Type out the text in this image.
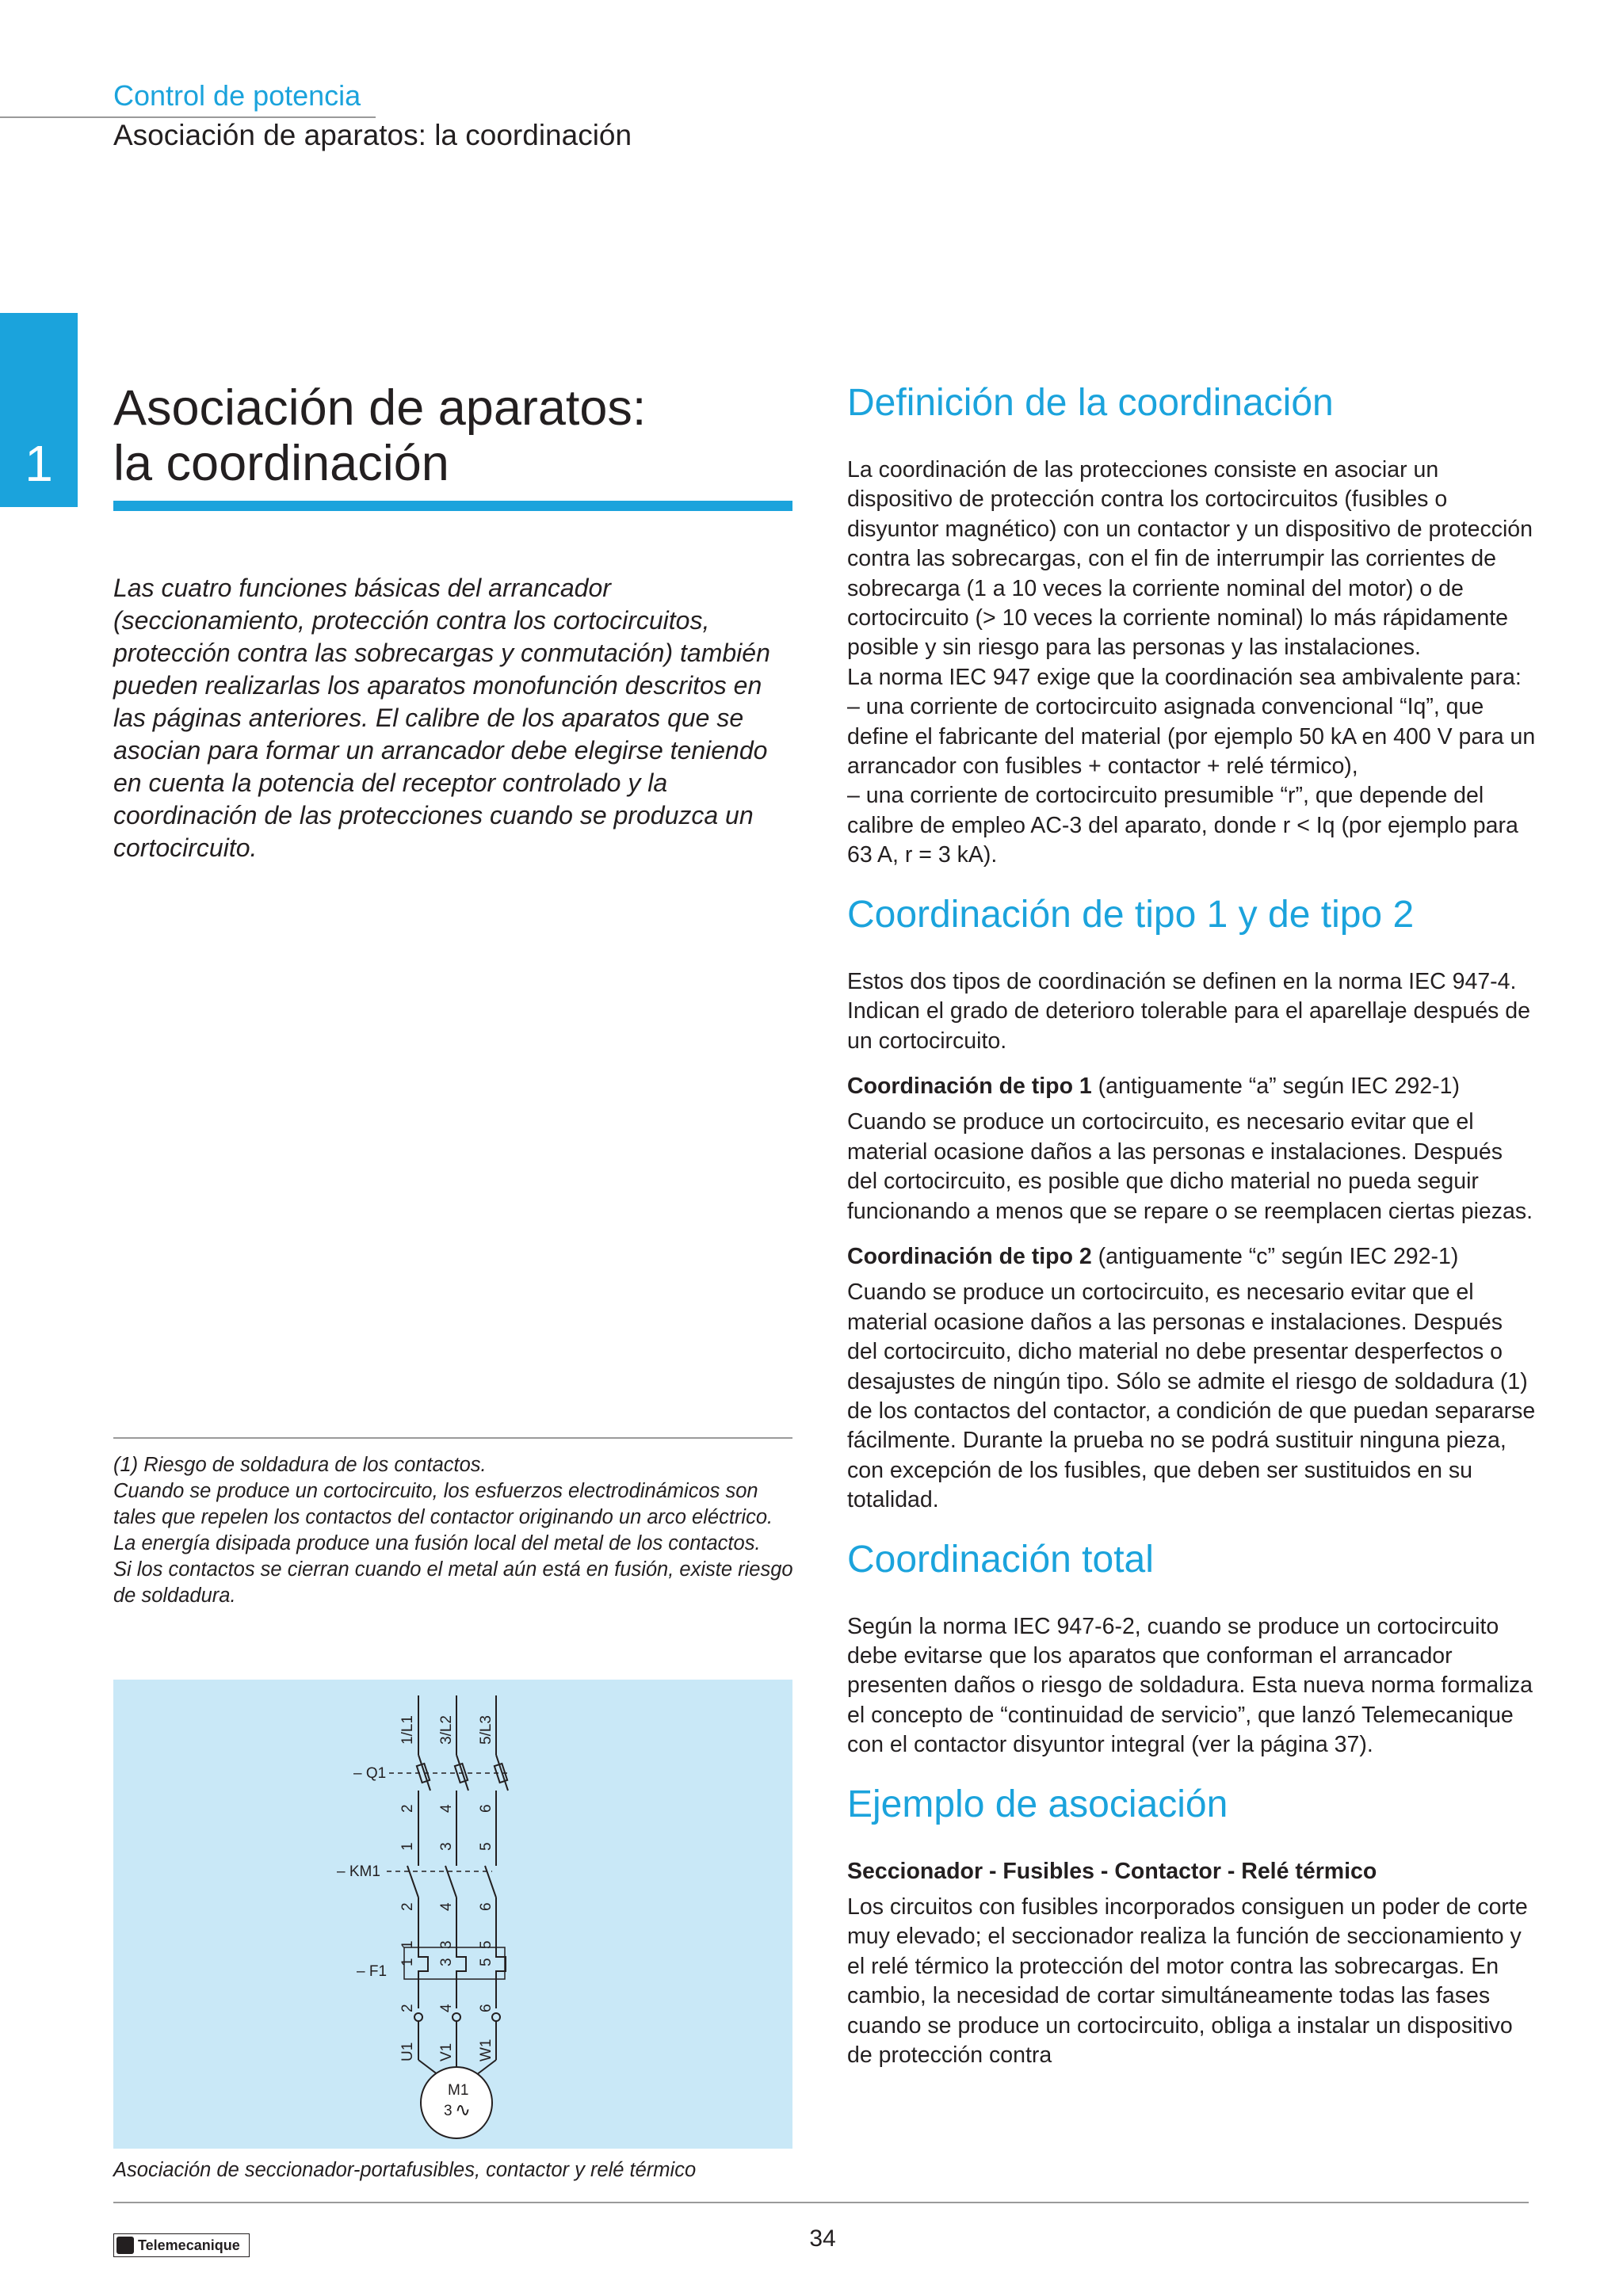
Control de potencia
Asociación de aparatos: la coordinación
1
Asociación de aparatos:
la coordinación
Las cuatro funciones básicas del arrancador (seccionamiento, protección contra los cortocircuitos, protección contra las sobrecargas y conmutación) también pueden realizarlas los aparatos monofunción descritos en las páginas anteriores. El calibre de los aparatos que se asocian para formar un arrancador debe elegirse teniendo en cuenta la potencia del receptor controlado y la coordinación de las protecciones cuando se produzca un cortocircuito.

(1) Riesgo de soldadura de los contactos.

Cuando se produce un cortocircuito, los esfuerzos electrodinámicos son tales que repelen los contactos del contactor originando un arco eléctrico. La energía disipada produce una fusión local del metal de los contactos.

Si los contactos se cierran cuando el metal aún está en fusión, existe riesgo de soldadura.

1/L1 3/L2 5/L3
– Q1
2 4 6
1 3 5
– KM1
2 4 6
1 3 5
– F1
2 4 6
1 3 5
U1 V1 W1
M1
3 ∿
Asociación de seccionador-portafusibles, contactor y relé térmico
Definición de la coordinación

La coordinación de las protecciones consiste en asociar un dispositivo de protección contra los cortocircuitos (fusibles o disyuntor magnético) con un contactor y un dispositivo de protección contra las sobrecargas, con el fin de interrumpir las corrientes de sobrecarga (1 a 10 veces la corriente nominal del motor) o de cortocircuito (> 10 veces la corriente nominal) lo más rápidamente posible y sin riesgo para las personas y las instalaciones.

La norma IEC 947 exige que la coordinación sea ambivalente para:

– una corriente de cortocircuito asignada convencional “Iq”, que define el fabricante del material (por ejemplo 50 kA en 400 V para un arrancador con fusibles + contactor + relé térmico),

– una corriente de cortocircuito presumible “r”, que depende del calibre de empleo AC-3 del aparato, donde r < Iq (por ejemplo para 63 A, r = 3 kA).

Coordinación de tipo 1 y de tipo 2

Estos dos tipos de coordinación se definen en la norma IEC 947-4. Indican el grado de deterioro tolerable para el aparellaje después de un cortocircuito.

Coordinación de tipo 1 (antiguamente “a” según IEC 292-1)

Cuando se produce un cortocircuito, es necesario evitar que el material ocasione daños a las personas e instalaciones. Después del cortocircuito, es posible que dicho material no pueda seguir funcionando a menos que se repare o se reemplacen ciertas piezas.

Coordinación de tipo 2 (antiguamente “c” según IEC 292-1)

Cuando se produce un cortocircuito, es necesario evitar que el material ocasione daños a las personas e instalaciones. Después del cortocircuito, dicho material no debe presentar desperfectos o desajustes de ningún tipo. Sólo se admite el riesgo de soldadura (1) de los contactos del contactor, a condición de que puedan separarse fácilmente. Durante la prueba no se podrá sustituir ninguna pieza, con excepción de los fusibles, que deben ser sustituidos en su totalidad.

Coordinación total

Según la norma IEC 947-6-2, cuando se produce un cortocircuito debe evitarse que los aparatos que conforman el arrancador presenten daños o riesgo de soldadura. Esta nueva norma formaliza el concepto de “continuidad de servicio”, que lanzó Telemecanique con el contactor disyuntor integral (ver la página 37).

Ejemplo de asociación

Seccionador - Fusibles - Contactor - Relé térmico

Los circuitos con fusibles incorporados consiguen un poder de corte muy elevado; el seccionador realiza la función de seccionamiento y el relé térmico la protección del motor contra las sobrecargas. En cambio, la necesidad de cortar simultáneamente todas las fases cuando se produce un cortocircuito, obliga a instalar un dispositivo de protección contra

Telemecanique	34
